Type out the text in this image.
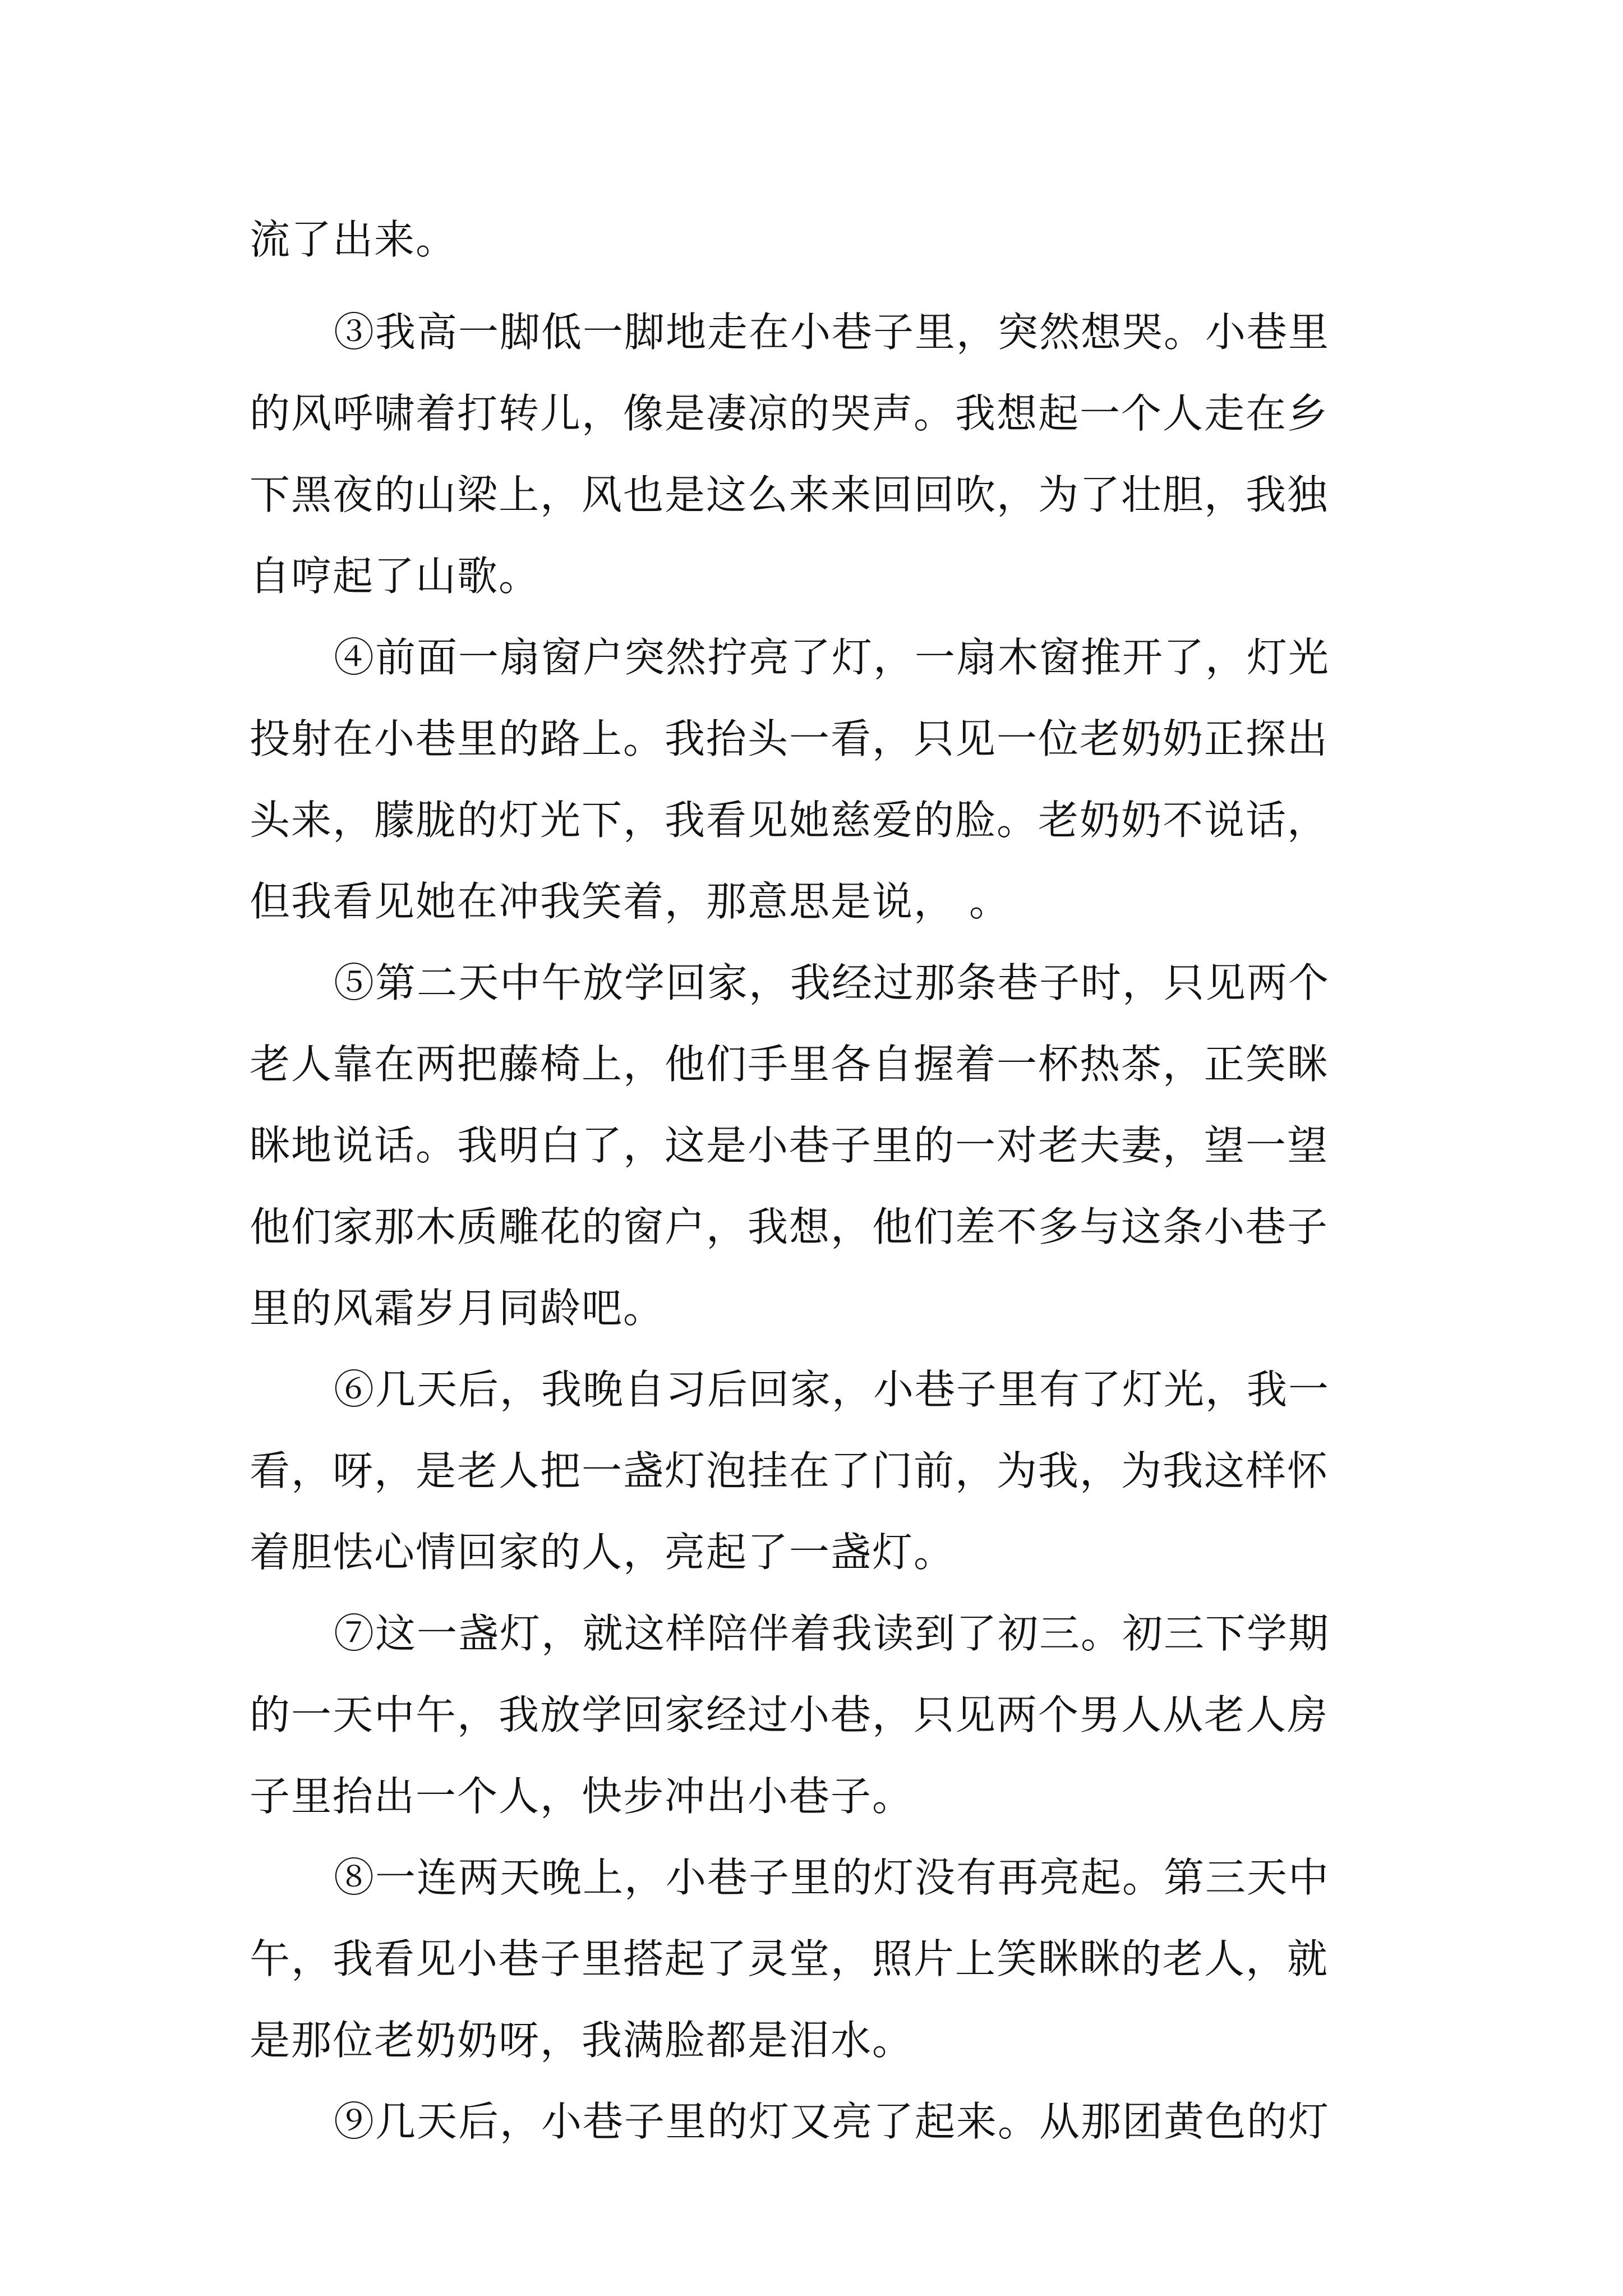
流了出来。
③我高一脚低一脚地走在小巷子里，突然想哭。小巷里
的风呼啸着打转儿，像是凄凉的哭声。我想起一个人走在乡
下黑夜的山梁上，风也是这么来来回回吹，为了壮胆，我独
自哼起了山歌。
④前面一扇窗户突然拧亮了灯，一扇木窗推开了，灯光
投射在小巷里的路上。我抬头一看，只见一位老奶奶正探出
头来，朦胧的灯光下，我看见她慈爱的脸。老奶奶不说话，
但我看见她在冲我笑着，那意思是说， 。
⑤第二天中午放学回家，我经过那条巷子时，只见两个
老人靠在两把藤椅上，他们手里各自握着一杯热茶，正笑眯
眯地说话。我明白了，这是小巷子里的一对老夫妻，望一望
他们家那木质雕花的窗户，我想，他们差不多与这条小巷子
里的风霜岁月同龄吧。
⑥几天后，我晚自习后回家，小巷子里有了灯光，我一
看，呀，是老人把一盏灯泡挂在了门前，为我，为我这样怀
着胆怯心情回家的人，亮起了一盏灯。
⑦这一盏灯，就这样陪伴着我读到了初三。初三下学期
的一天中午，我放学回家经过小巷，只见两个男人从老人房
子里抬出一个人，快步冲出小巷子。
⑧一连两天晚上，小巷子里的灯没有再亮起。第三天中
午，我看见小巷子里搭起了灵堂，照片上笑眯眯的老人，就
是那位老奶奶呀，我满脸都是泪水。
⑨几天后，小巷子里的灯又亮了起来。从那团黄色的灯
